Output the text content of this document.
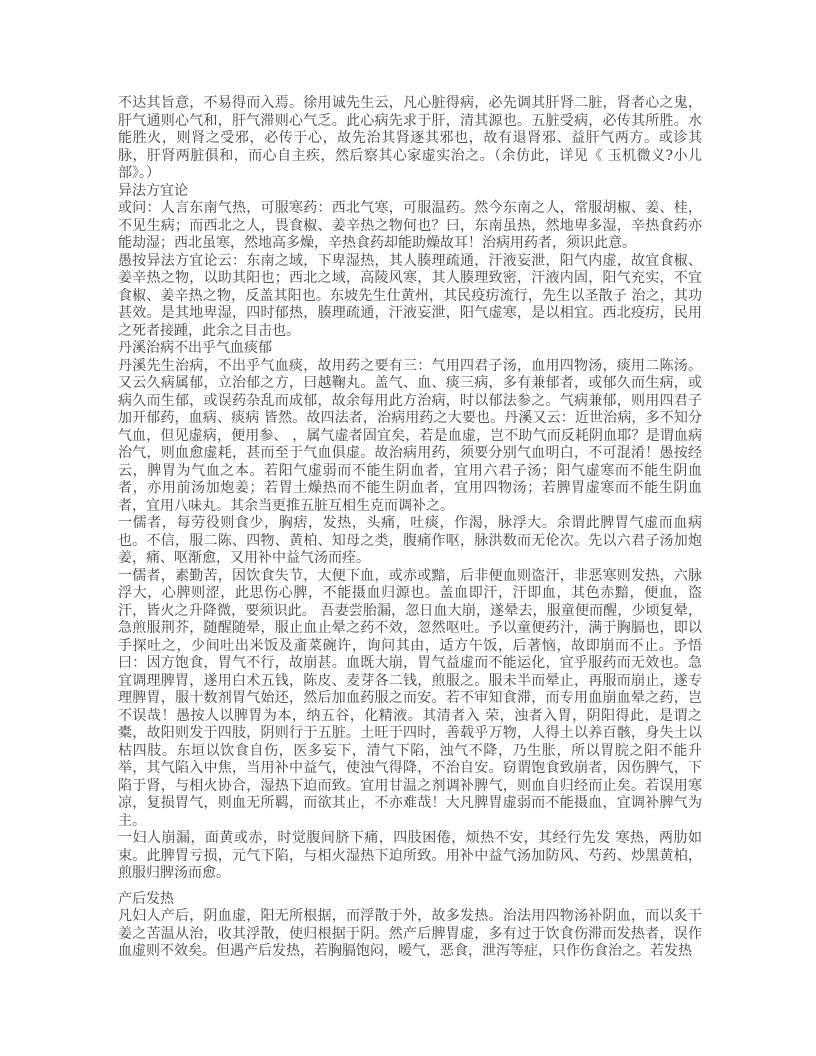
不达其旨意，不易得而入焉。徐用诚先生云，凡心脏得病，必先调其肝肾二脏，肾者心之鬼，肝气通则心气和，肝气滞则心气乏。此心病先求于肝，清其源也。五脏受病，必传其所胜。水能胜火，则肾之受邪，必传于心，故先治其肾逐其邪也，故有退肾邪、益肝气两方。或诊其脉，肝肾两脏俱和，而心自主疾，然后察其心家虚实治之。（余仿此，详见《 玉机微义?小儿部》。）
异法方宜论
或问：人言东南气热，可服寒药：西北气寒，可服温药。然今东南之人，常服胡椒、姜、桂，不见生病；而西北之人，畏食椒、姜辛热之物何也？曰，东南虽热，然地卑多湿，辛热食药亦能劫湿；西北虽寒，然地高多燥，辛热食药却能助燥故耳！治病用药者，须识此意。
愚按异法方宜论云：东南之域，下卑湿热，其人腠理疏通，汗液妄泄，阳气内虚，故宜食椒、姜辛热之物，以助其阳也；西北之域，高陵风寒，其人腠理致密，汗液内固，阳气充实，不宜食椒、姜辛热之物，反盖其阳也。东坡先生仕黄州，其民疫疠流行，先生以圣散子 治之，其功甚效。是其地卑湿，四时郁热，腠理疏通，汗液妄泄，阳气虚寒，是以相宜。西北疫疠，民用之死者接踵，此余之目击也。
丹溪治病不出乎气血痰郁
丹溪先生治病，不出乎气血痰，故用药之要有三：气用四君子汤，血用四物汤，痰用二陈汤。又云久病属郁，立治郁之方，曰越鞠丸。盖气、血、痰三病，多有兼郁者，或郁久而生病，或病久而生郁，或误药杂乱而成郁，故余每用此方治病，时以郁法参之。气病兼郁，则用四君子加开郁药，血病、痰病 皆然。故四法者，治病用药之大要也。丹溪又云：近世治病，多不知分气血，但见虚病，便用参、 ，属气虚者固宜矣，若是血虚，岂不助气而反耗阴血耶？是谓血病治气，则血愈虚耗，甚而至于气血俱虚。故治病用药，须要分别气血明白，不可混淆！愚按经云，脾胃为气血之本。若阳气虚弱而不能生阴血者，宜用六君子汤；阳气虚寒而不能生阴血者，亦用前汤加炮姜；若胃土燥热而不能生阴血者，宜用四物汤；若脾胃虚寒而不能生阴血者，宜用八味丸。其余当更推五脏互相生克而调补之。
一儒者，每劳役则食少，胸痞，发热，头痛，吐痰，作渴，脉浮大。余谓此脾胃气虚而血病也。不信，服二陈、四物、黄柏、知母之类，腹痛作呕，脉洪数而无伦次。先以六君子汤加炮 姜，痛、呕渐愈，又用补中益气汤而痊。
一儒者，素勤苦，因饮食失节，大便下血，或赤或黯，后非便血则盗汗，非恶寒则发热，六脉浮大，心脾则涩，此思伤心脾，不能摄血归源也。盖血即汗，汗即血，其色赤黯，便血，盗汗，皆火之升降微，要须识此。 吾妻尝胎漏，忽日血大崩，遂晕去，服童便而醒，少顷复晕，急煎服荆芥，随醒随晕，服止血止晕之药不效，忽然呕吐。予以童便药汁，满于胸膈也，即以手探吐之，少间吐出米饭及齑菜碗许，询问其由，适方午饭，后著恼，故即崩而不止。予悟曰：因方饱食，胃气不行，故崩甚。血既大崩，胃气益虚而不能运化，宜乎服药而无效也。急宜调理脾胃，遂用白术五钱，陈皮、麦芽各二钱，煎服之。服未半而晕止，再服而崩止，遂专理脾胃，服十数剂胃气始还，然后加血药服之而安。若不审知食滞，而专用血崩血晕之药，岂不误哉！愚按人以脾胃为本，纳五谷，化精液。其清者入 荣，浊者入胃，阴阳得此，是谓之橐，故阳则发于四肢，阴则行于五脏。土旺于四时，善载乎万物，人得土以养百骸，身失土以枯四肢。东垣以饮食自伤，医多妄下，清气下陷，浊气不降，乃生胀，所以胃脘之阳不能升举，其气陷入中焦，当用补中益气，使浊气得降，不治自安。窃谓饱食致崩者，因伤脾气，下陷于肾，与相火协合，湿热下迫而致。宜用甘温之剂调补脾气，则血自归经而止矣。若误用寒凉，复损胃气，则血无所羁，而欲其止，不亦难哉！大凡脾胃虚弱而不能摄血，宜调补脾气为主。
一妇人崩漏，面黄或赤，时觉腹间脐下痛，四肢困倦，烦热不安，其经行先发 寒热，两肋如束。此脾胃亏损，元气下陷，与相火湿热下迫所致。用补中益气汤加防风、芍药、炒黑黄柏，煎服归脾汤而愈。
产后发热
凡妇人产后，阴血虚，阳无所根据，而浮散于外，故多发热。治法用四物汤补阴血，而以炙干姜之苦温从治，收其浮散，使归根据于阴。然产后脾胃虚，多有过于饮食伤滞而发热者，误作血虚则不效矣。但遇产后发热，若胸膈饱闷，嗳气，恶食，泄泻等症，只作伤食治之。若发热
